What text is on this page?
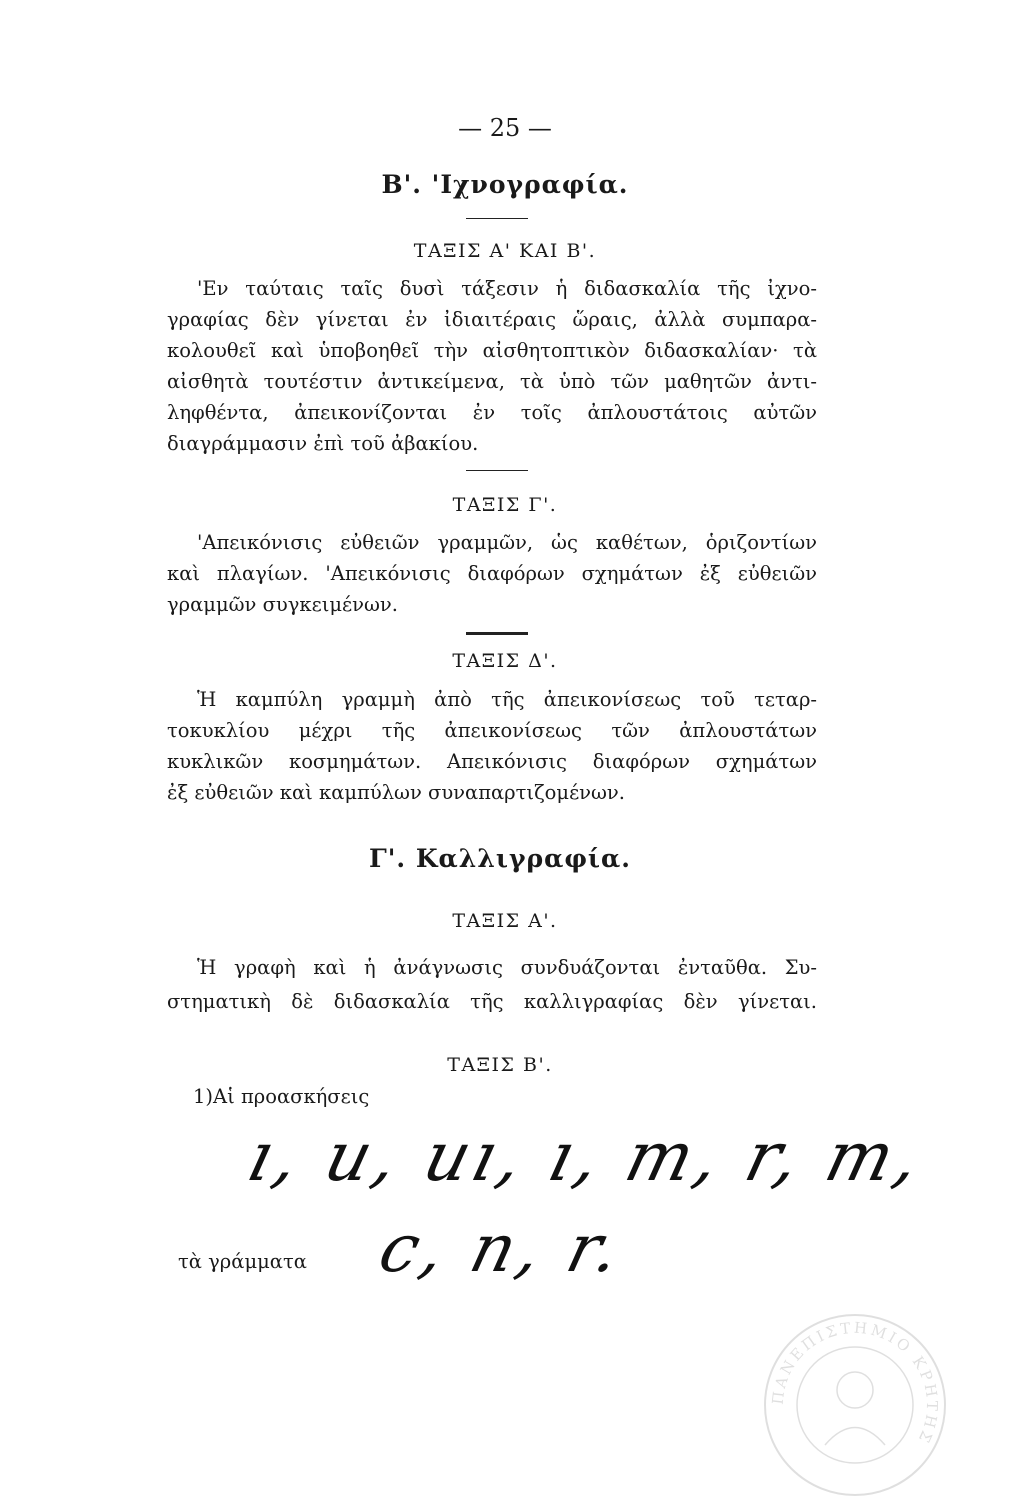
— 25 —
Β'. 'Ιχνογραφία.
ΤΑΞΙΣ Α' ΚΑΙ Β'.
'Εν ταύταις ταῖς δυσὶ τάξεσιν ἡ διδασκαλία τῆς ἰχνο-
γραφίας δὲν γίνεται ἐν ἰδιαιτέραις ὥραις, ἀλλὰ συμπαρα-
κολουθεῖ καὶ ὑποβοηθεῖ τὴν αἰσθητοπτικὸν διδασκαλίαν· τὰ
αἰσθητὰ τουτέστιν ἀντικείμενα, τὰ ὑπὸ τῶν μαθητῶν ἀντι-
ληφθέντα, ἀπεικονίζονται ἐν τοῖς ἀπλουστάτοις αὐτῶν
διαγράμμασιν ἐπὶ τοῦ ἀβακίου.
ΤΑΞΙΣ Γ'.
'Απεικόνισις εὐθειῶν γραμμῶν, ὡς καθέτων, ὁριζοντίων
καὶ πλαγίων. 'Απεικόνισις διαφόρων σχημάτων ἐξ εὐθειῶν
γραμμῶν συγκειμένων.
ΤΑΞΙΣ Δ'.
Ἡ καμπύλη γραμμὴ ἀπὸ τῆς ἀπεικονίσεως τοῦ τεταρ-
τοκυκλίου μέχρι τῆς ἀπεικονίσεως τῶν ἀπλουστάτων
κυκλικῶν κοσμημάτων. Απεικόνισις διαφόρων σχημάτων
ἐξ εὐθειῶν καὶ καμπύλων συναπαρτιζομένων.
Γ'. Καλλιγραφία.
ΤΑΞΙΣ Α'.
Ἡ γραφὴ καὶ ἡ ἀνάγνωσις συνδυάζονται ἐνταῦθα. Συ-
στηματικὴ δὲ διδασκαλία τῆς καλλιγραφίας δὲν γίνεται.
ΤΑΞΙΣ Β'.
1)Αἱ προασκήσεις
ı, u, uı, ı, m, r, m,
τὰ γράμματα c, n, r.
ΠΑΝΕΠΙΣΤΗΜΙΟ ΚΡΗΤΗΣ
